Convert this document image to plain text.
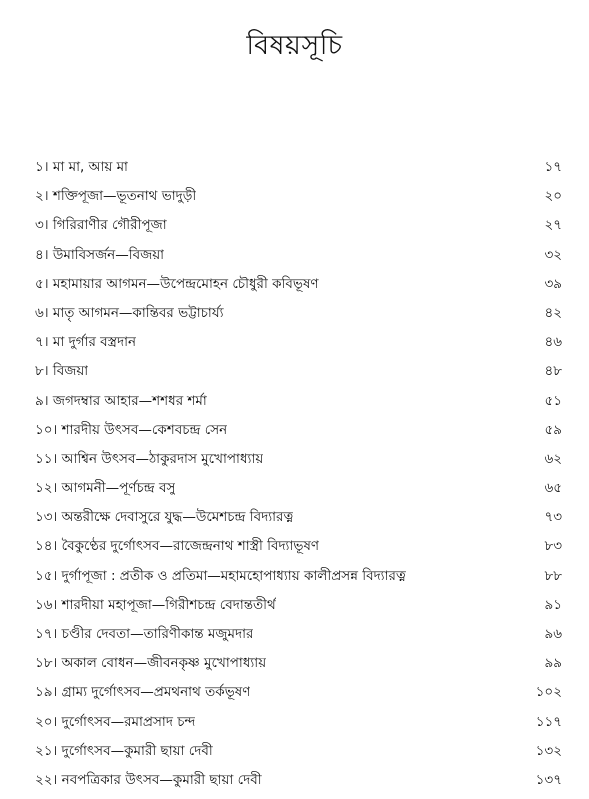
বিষয়সূচি
১। মা মা, আয় মা	১৭
২। শক্তিপূজা—ভূতনাথ ভাদুড়ী	২০
৩। গিরিরাণীর গৌরীপূজা	২৭
৪। উমাবিসর্জন—বিজয়া	৩২
৫। মহামায়ার আগমন—উপেন্দ্রমোহন চৌধুরী কবিভূষণ	৩৯
৬। মাতৃ আগমন—কান্তিবর ভট্টাচার্য্য	৪২
৭। মা দুর্গার বস্ত্রদান	৪৬
৮। বিজয়া	৪৮
৯। জগদম্বার আহার—শশধর শর্মা	৫১
১০। শারদীয় উৎসব—কেশবচন্দ্র সেন	৫৯
১১। আশ্বিন উৎসব—ঠাকুরদাস মুখোপাধ্যায়	৬২
১২। আগমনী—পূর্ণচন্দ্র বসু	৬৫
১৩। অন্তরীক্ষে দেবাসুরে যুদ্ধ—উমেশচন্দ্র বিদ্যারত্ন	৭৩
১৪। বৈকুণ্ঠের দুর্গোৎসব—রাজেন্দ্রনাথ শাস্ত্রী বিদ্যাভূষণ	৮৩
১৫। দুর্গাপূজা : প্রতীক ও প্রতিমা—মহামহোপাধ্যায় কালীপ্রসন্ন বিদ্যারত্ন	৮৮
১৬। শারদীয়া মহাপূজা—গিরীশচন্দ্র বেদান্ততীর্থ	৯১
১৭। চণ্ডীর দেবতা—তারিণীকান্ত মজুমদার	৯৬
১৮। অকাল বোধন—জীবনকৃষ্ণ মুখোপাধ্যায়	৯৯
১৯। গ্রাম্য দুর্গোৎসব—প্রমথনাথ তর্কভূষণ	১০২
২০। দুর্গোৎসব—রমাপ্রসাদ চন্দ	১১৭
২১। দুর্গোৎসব—কুমারী ছায়া দেবী	১৩২
২২। নবপত্রিকার উৎসব—কুমারী ছায়া দেবী	১৩৭
